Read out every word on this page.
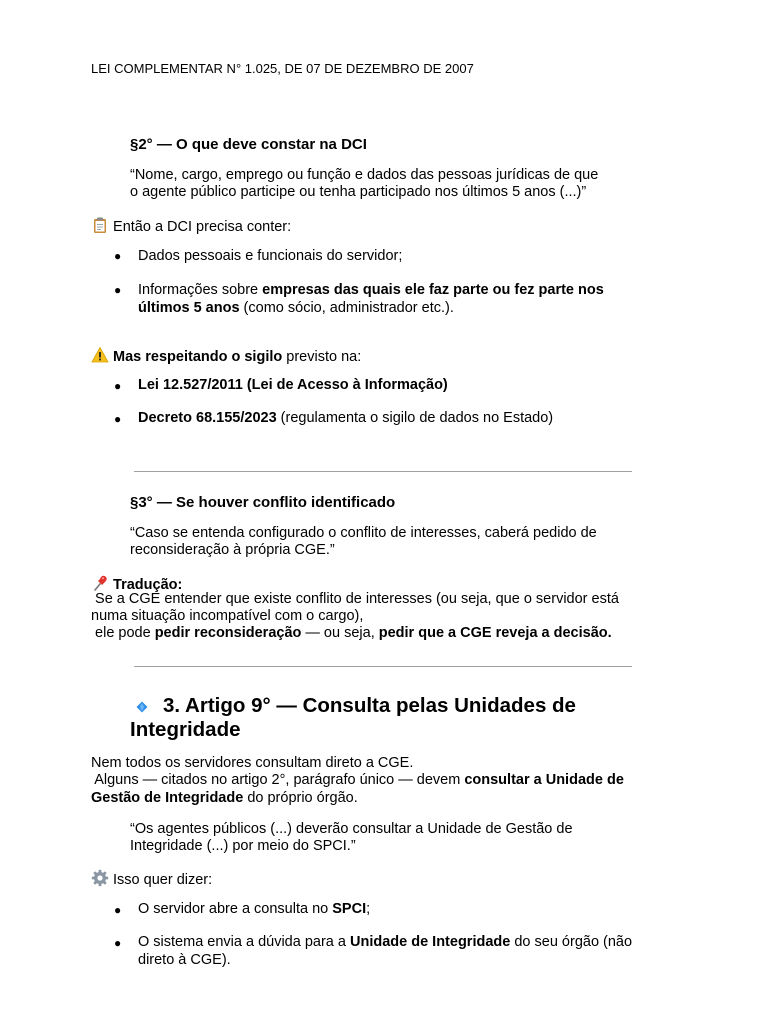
LEI COMPLEMENTAR N° 1.025, DE 07 DE DEZEMBRO DE 2007
§2° — O que deve constar na DCI
“Nome, cargo, emprego ou função e dados das pessoas jurídicas de que
o agente público participe ou tenha participado nos últimos 5 anos (...)”
Então a DCI precisa conter:
● Dados pessoais e funcionais do servidor;
● Informações sobre empresas das quais ele faz parte ou fez parte nos
últimos 5 anos (como sócio, administrador etc.).
Mas respeitando o sigilo previsto na:
● Lei 12.527/2011 (Lei de Acesso à Informação)
● Decreto 68.155/2023 (regulamenta o sigilo de dados no Estado)
§3° — Se houver conflito identificado
“Caso se entenda configurado o conflito de interesses, caberá pedido de
reconsideração à própria CGE.”
Tradução:
Se a CGE entender que existe conflito de interesses (ou seja, que o servidor está
numa situação incompatível com o cargo),
ele pode pedir reconsideração — ou seja, pedir que a CGE reveja a decisão.
3. Artigo 9° — Consulta pelas Unidades de
Integridade
Nem todos os servidores consultam direto a CGE.
Alguns — citados no artigo 2°, parágrafo único — devem consultar a Unidade de
Gestão de Integridade do próprio órgão.
“Os agentes públicos (...) deverão consultar a Unidade de Gestão de
Integridade (...) por meio do SPCI.”
Isso quer dizer:
● O servidor abre a consulta no SPCI;
● O sistema envia a dúvida para a Unidade de Integridade do seu órgão (não
direto à CGE).
